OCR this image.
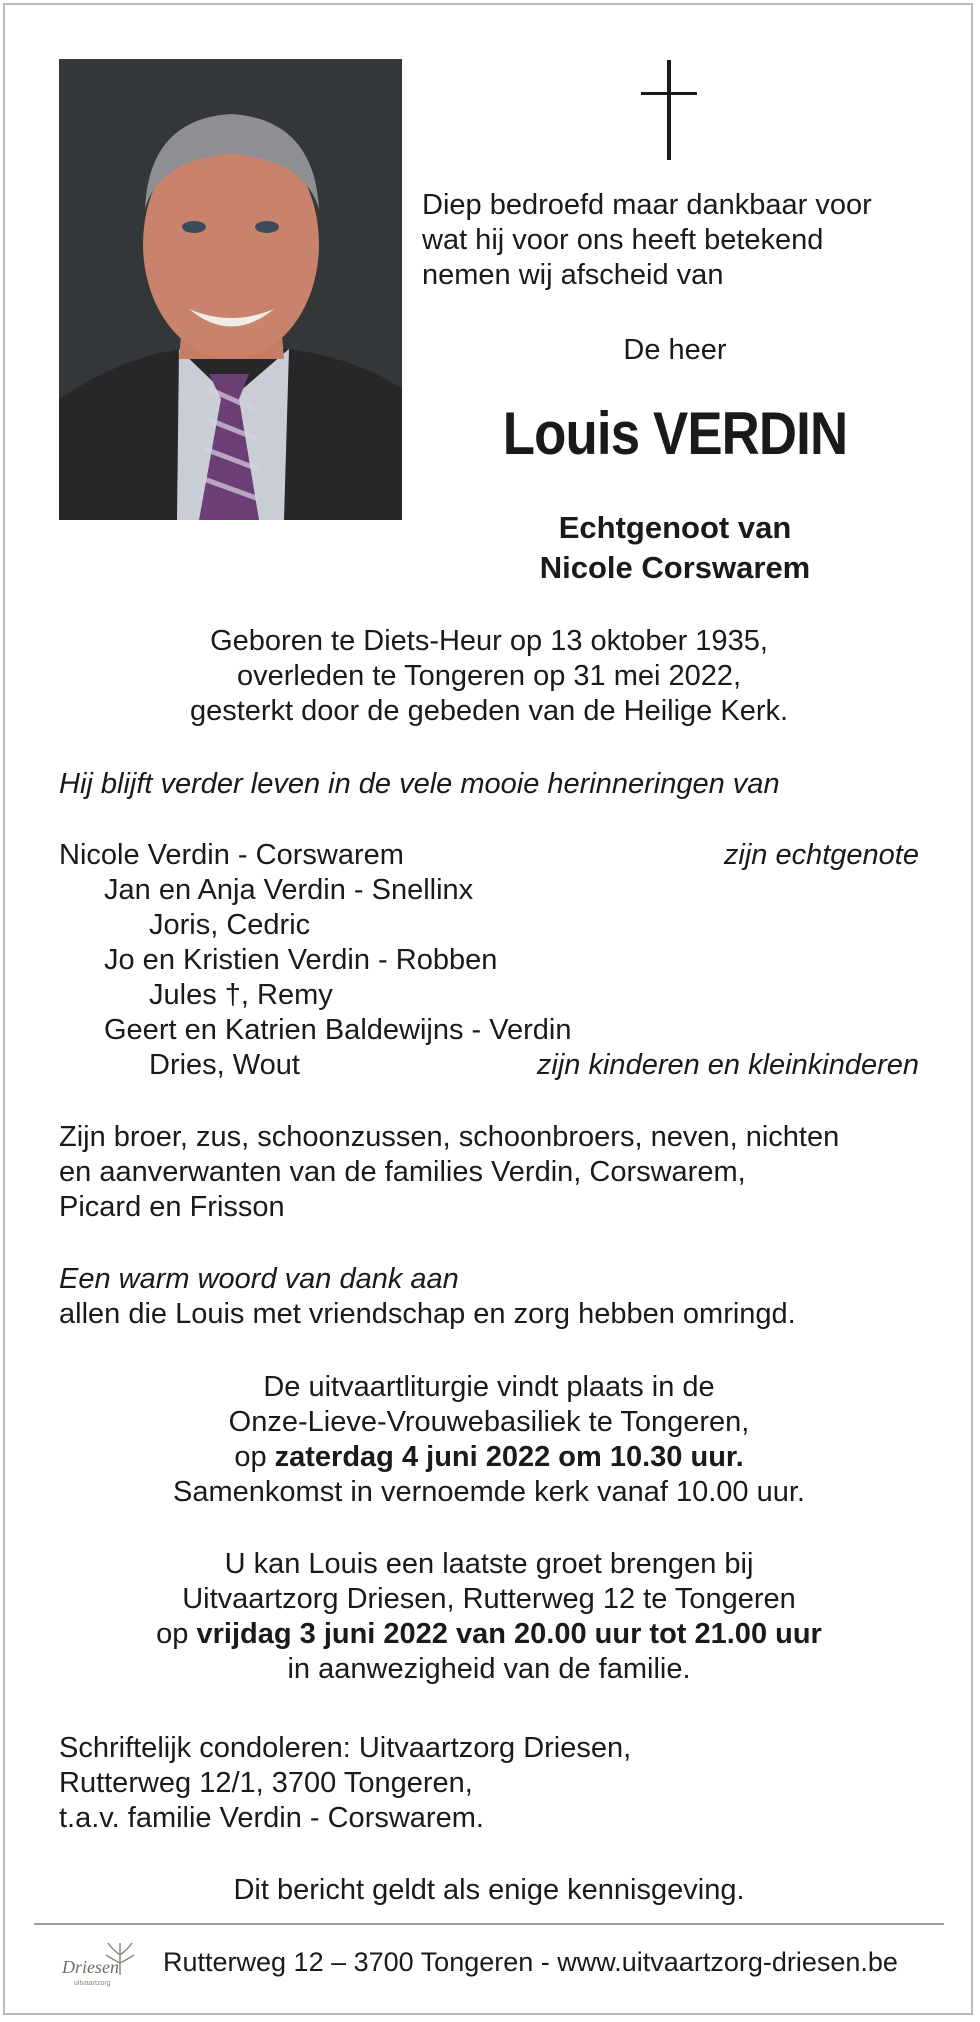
Diep bedroefd maar dankbaar voor
wat hij voor ons heeft betekend
nemen wij afscheid van
De heer
Louis VERDIN
Echtgenoot van
Nicole Corswarem
Geboren te Diets-Heur op 13 oktober 1935,
overleden te Tongeren op 31 mei 2022,
gesterkt door de gebeden van de Heilige Kerk.
Hij blijft verder leven in de vele mooie herinneringen van
Nicole Verdin - Corswarem	zijn echtgenote
Jan en Anja Verdin - Snellinx
Joris, Cedric
Jo en Kristien Verdin - Robben
Jules †, Remy
Geert en Katrien Baldewijns - Verdin
Dries, Wout	zijn kinderen en kleinkinderen
Zijn broer, zus, schoonzussen, schoonbroers, neven, nichten
en aanverwanten van de families Verdin, Corswarem,
Picard en Frisson
Een warm woord van dank aan
allen die Louis met vriendschap en zorg hebben omringd.
De uitvaartliturgie vindt plaats in de
Onze-Lieve-Vrouwebasiliek te Tongeren,
op zaterdag 4 juni 2022 om 10.30 uur.
Samenkomst in vernoemde kerk vanaf 10.00 uur.
U kan Louis een laatste groet brengen bij
Uitvaartzorg Driesen, Rutterweg 12 te Tongeren
op vrijdag 3 juni 2022 van 20.00 uur tot 21.00 uur
in aanwezigheid van de familie.
Schriftelijk condoleren: Uitvaartzorg Driesen,
Rutterweg 12/1, 3700 Tongeren,
t.a.v. familie Verdin - Corswarem.
Dit bericht geldt als enige kennisgeving.
Driesen
uitvaartzorg
Rutterweg 12 – 3700 Tongeren - www.uitvaartzorg-driesen.be
